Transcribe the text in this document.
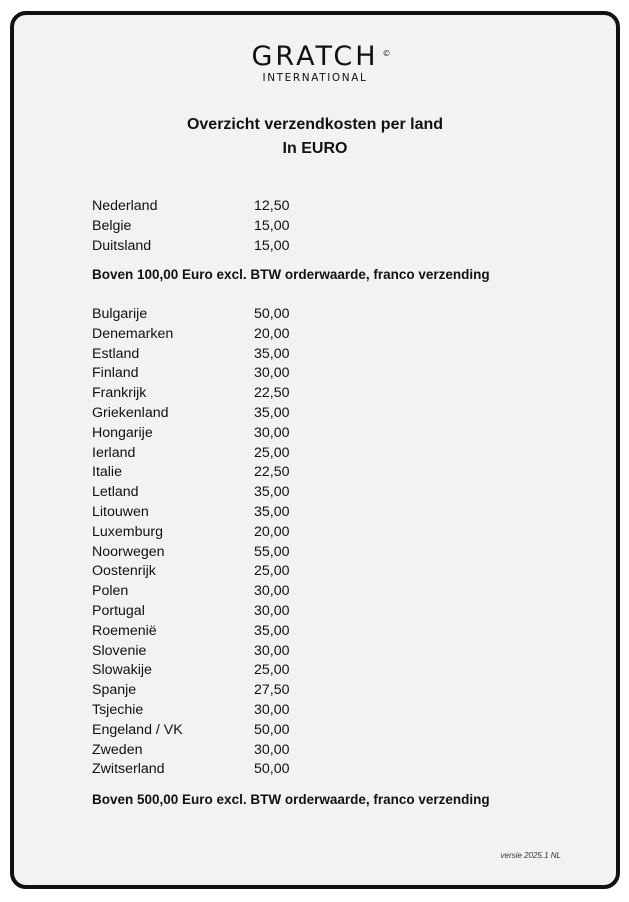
GRATCH ©
INTERNATIONAL
Overzicht verzendkosten per land
In EURO
Nederland	12,50
Belgie	15,00
Duitsland	15,00
Boven 100,00 Euro excl. BTW orderwaarde, franco verzending
Bulgarije	50,00
Denemarken	20,00
Estland	35,00
Finland	30,00
Frankrijk	22,50
Griekenland	35,00
Hongarije	30,00
Ierland	25,00
Italie	22,50
Letland	35,00
Litouwen	35,00
Luxemburg	20,00
Noorwegen	55,00
Oostenrijk	25,00
Polen	30,00
Portugal	30,00
Roemenië	35,00
Slovenie	30,00
Slowakije	25,00
Spanje	27,50
Tsjechie	30,00
Engeland / VK	50,00
Zweden	30,00
Zwitserland	50,00
Boven 500,00 Euro excl. BTW orderwaarde, franco verzending
versie 2025.1 NL
